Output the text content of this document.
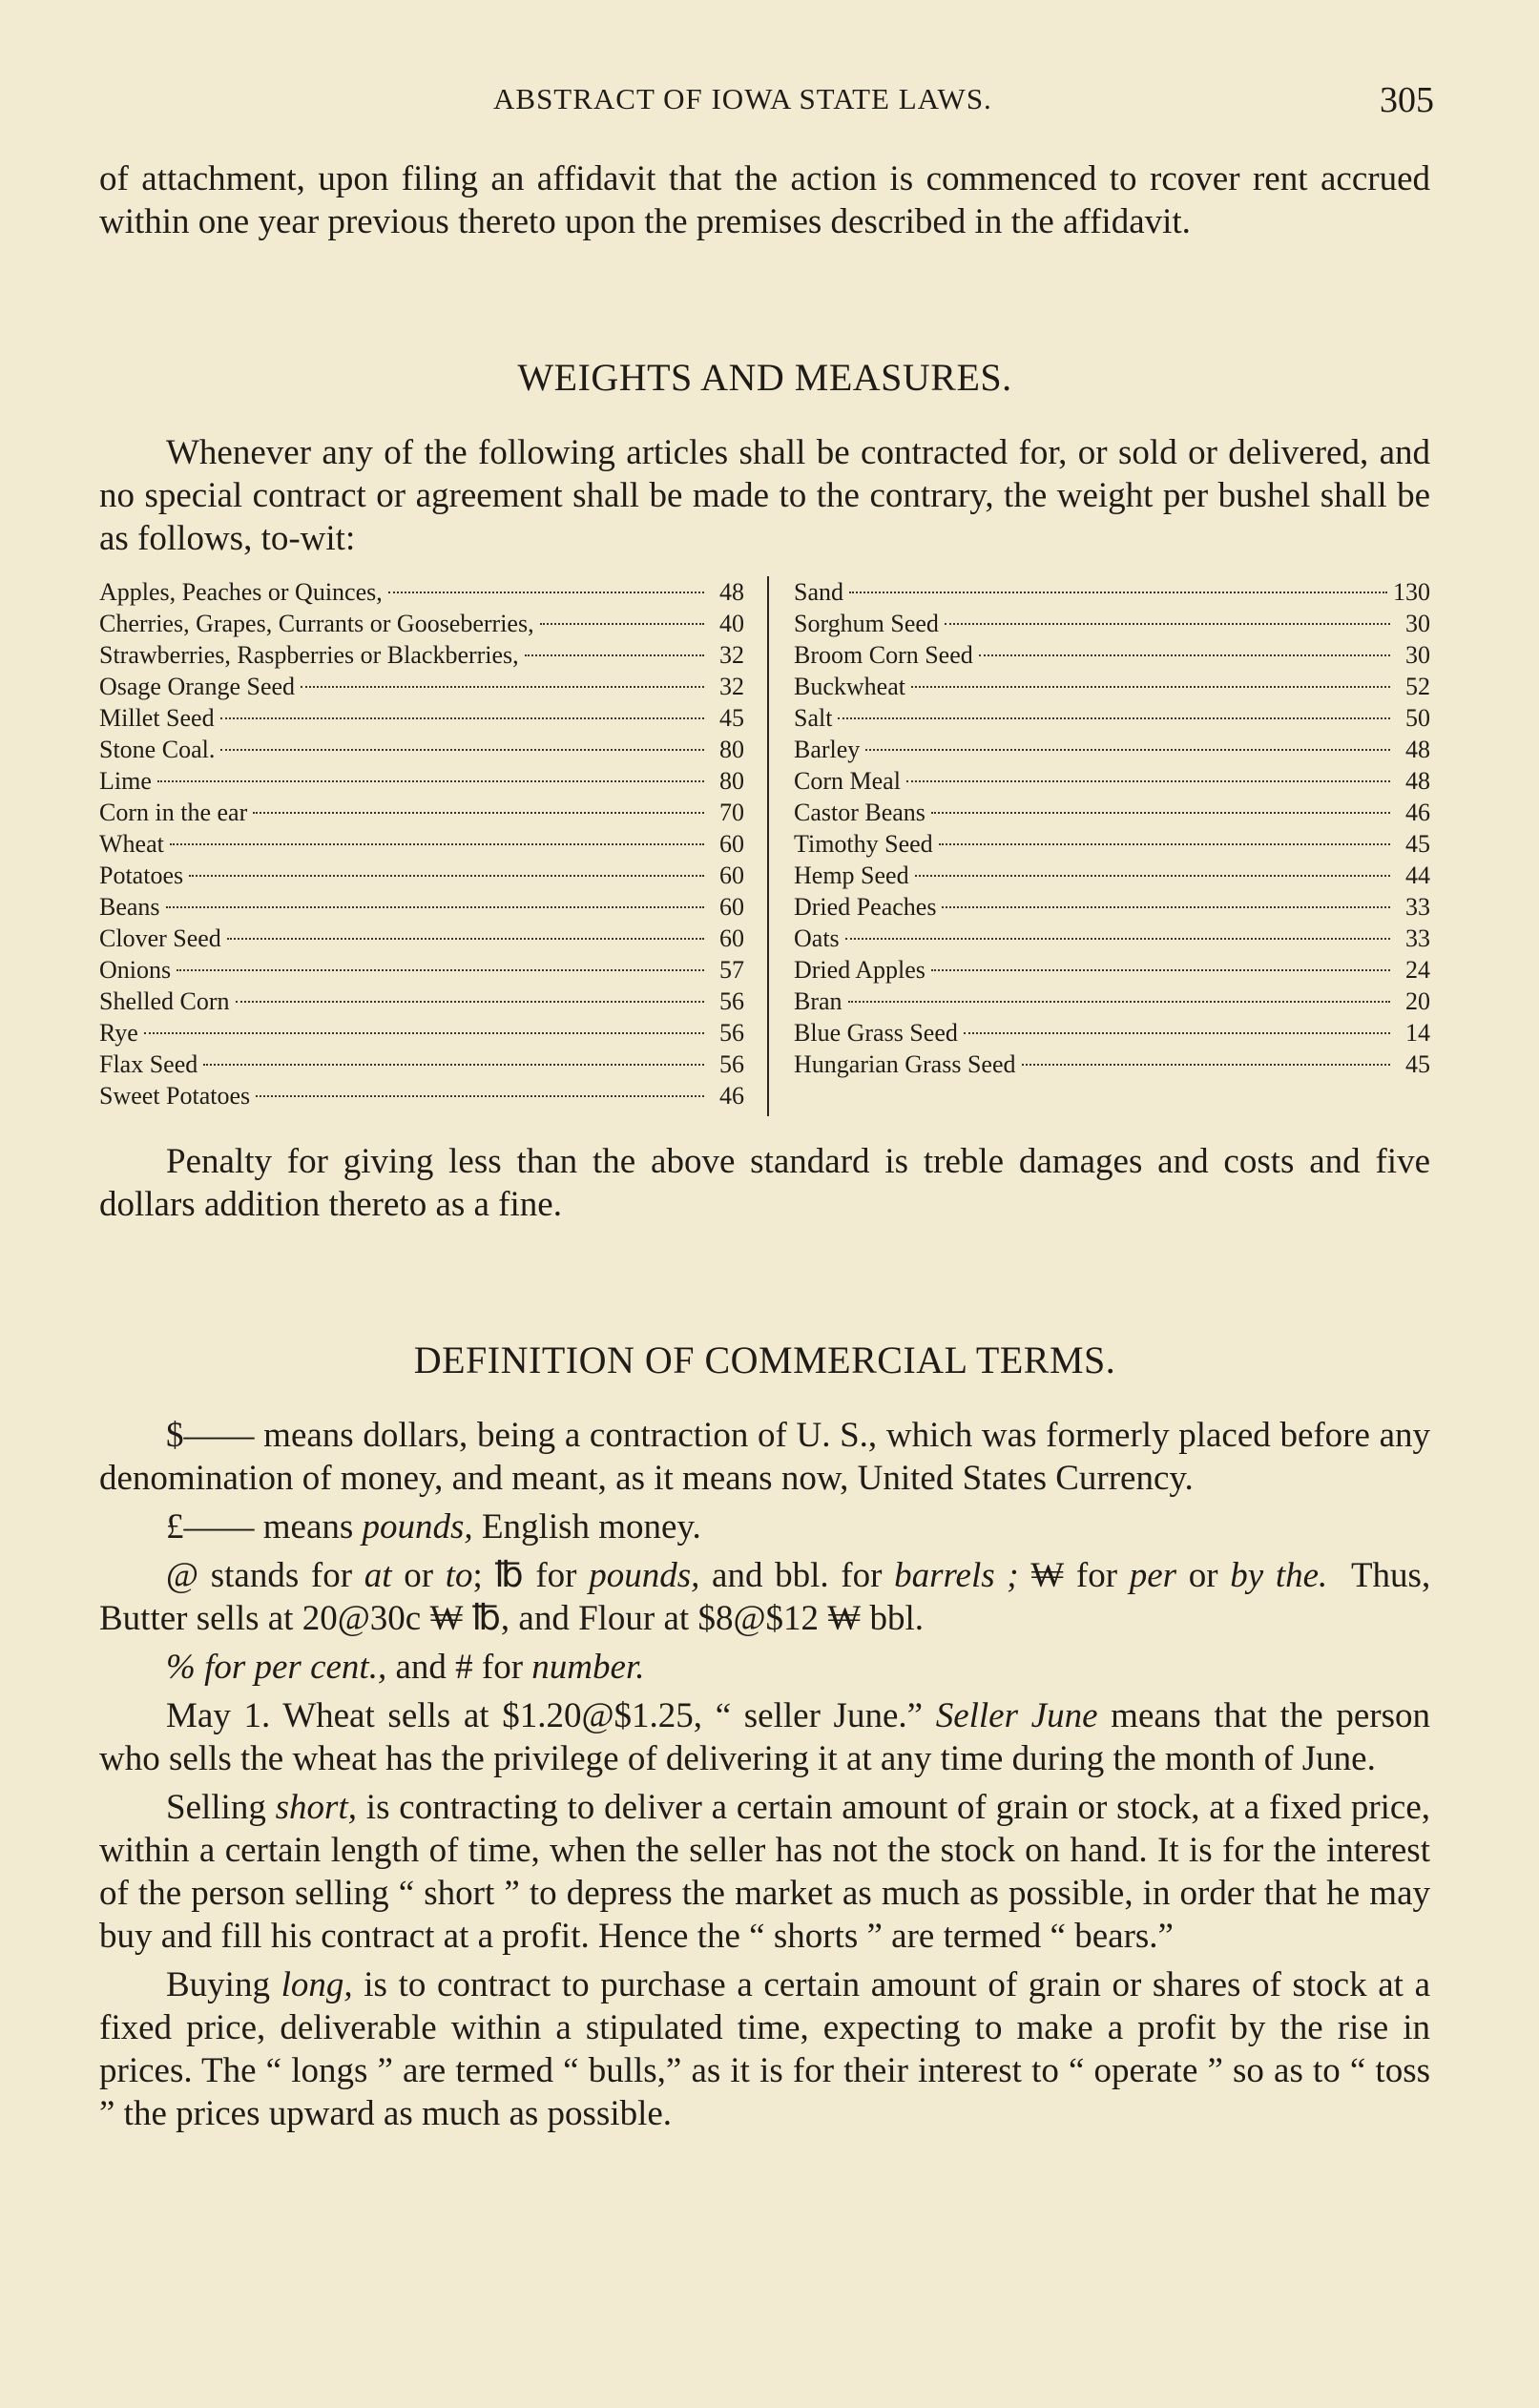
ABSTRACT OF IOWA STATE LAWS.	305

of attachment, upon filing an affidavit that the action is commenced to rcover rent accrued within one year previous thereto upon the premises described in the affidavit.

WEIGHTS AND MEASURES.

Whenever any of the following articles shall be contracted for, or sold or delivered, and no special contract or agreement shall be made to the contrary, the weight per bushel shall be as follows, to-wit:

Apples, Peaches or Quinces,	48
Cherries, Grapes, Currants or Gooseberries,	40
Strawberries, Raspberries or Blackberries,	32
Osage Orange Seed	32
Millet Seed	45
Stone Coal.	80
Lime	80
Corn in the ear	70
Wheat	60
Potatoes	60
Beans	60
Clover Seed	60
Onions	57
Shelled Corn	56
Rye	56
Flax Seed	56
Sweet Potatoes	46
Sand	130
Sorghum Seed	30
Broom Corn Seed	30
Buckwheat	52
Salt	50
Barley	48
Corn Meal	48
Castor Beans	46
Timothy Seed	45
Hemp Seed	44
Dried Peaches	33
Oats	33
Dried Apples	24
Bran	20
Blue Grass Seed	14
Hungarian Grass Seed	45

Penalty for giving less than the above standard is treble damages and costs and five dollars addition thereto as a fine.

DEFINITION OF COMMERCIAL TERMS.

$—— means dollars, being a contraction of U. S., which was formerly placed before any denomination of money, and meant, as it means now, United States Currency.

£—— means pounds, English money.

@ stands for at or to; ℔ for pounds, and bbl. for barrels ; ₩ for per or by the. Thus, Butter sells at 20@30c ₩ ℔, and Flour at $8@$12 ₩ bbl.

% for per cent., and # for number.

May 1. Wheat sells at $1.20@$1.25, “ seller June.” Seller June means that the person who sells the wheat has the privilege of delivering it at any time during the month of June.

Selling short, is contracting to deliver a certain amount of grain or stock, at a fixed price, within a certain length of time, when the seller has not the stock on hand. It is for the interest of the person selling “ short ” to depress the market as much as possible, in order that he may buy and fill his contract at a profit. Hence the “ shorts ” are termed “ bears.”

Buying long, is to contract to purchase a certain amount of grain or shares of stock at a fixed price, deliverable within a stipulated time, expecting to make a profit by the rise in prices. The “ longs ” are termed “ bulls,” as it is for their interest to “ operate ” so as to “ toss ” the prices upward as much as possible.
